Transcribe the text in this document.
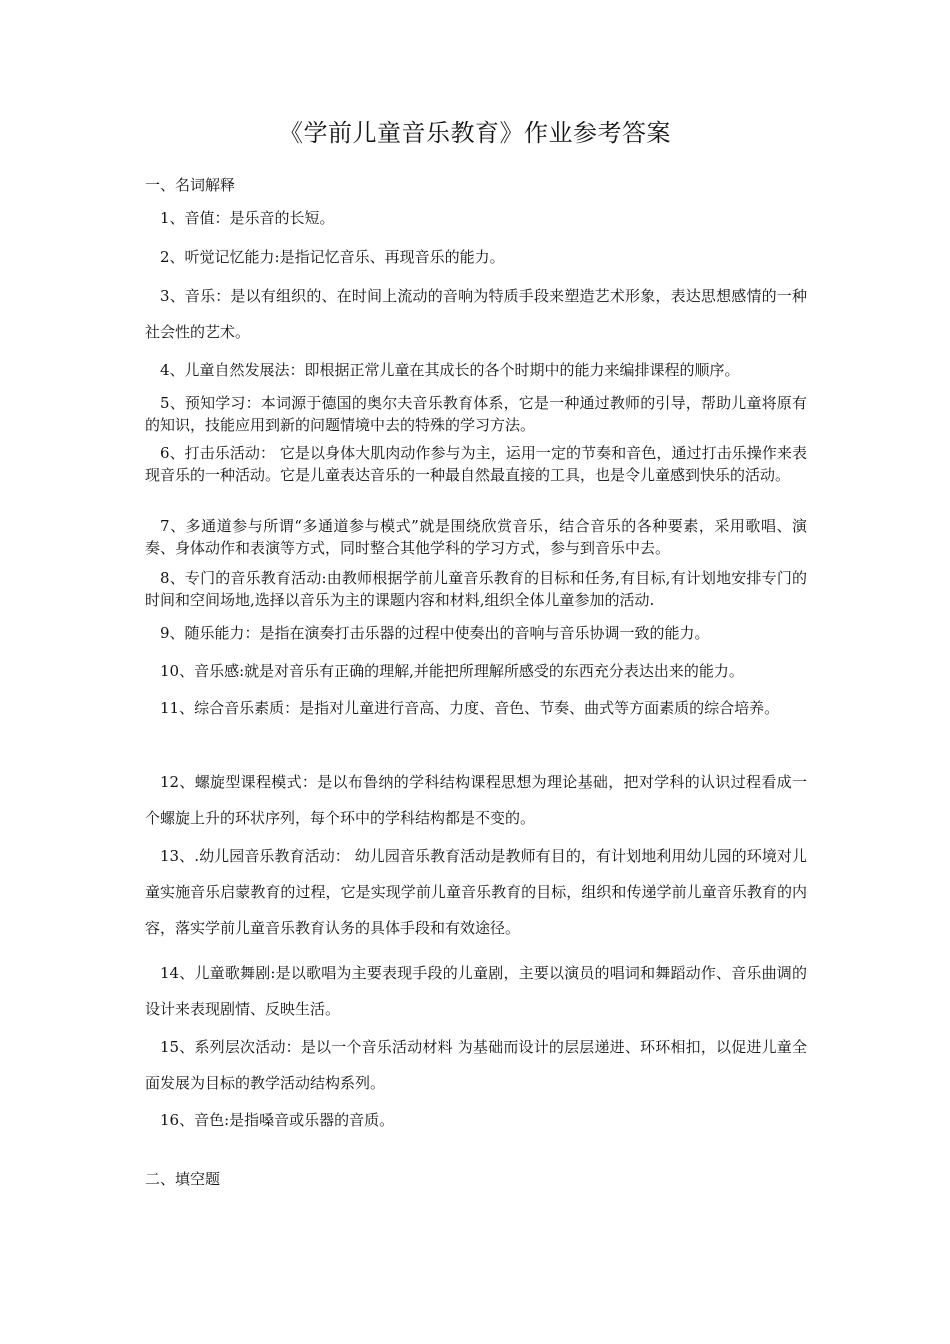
《学前儿童音乐教育》作业参考答案
一、名词解释
1、音值：是乐音的长短。
2、听觉记忆能力:是指记忆音乐、再现音乐的能力。
3、音乐：是以有组织的、在时间上流动的音响为特质手段来塑造艺术形象，表达思想感情的一种社会性的艺术。
4、儿童自然发展法：即根据正常儿童在其成长的各个时期中的能力来编排课程的顺序。
5、预知学习：本词源于德国的奥尔夫音乐教育体系，它是一种通过教师的引导，帮助儿童将原有的知识，技能应用到新的问题情境中去的特殊的学习方法。
6、打击乐活动： 它是以身体大肌肉动作参与为主，运用一定的节奏和音色，通过打击乐操作来表现音乐的一种活动。它是儿童表达音乐的一种最自然最直接的工具，也是令儿童感到快乐的活动。
7、多通道参与所谓“多通道参与模式”就是围绕欣赏音乐，结合音乐的各种要素，采用歌唱、演奏、身体动作和表演等方式，同时整合其他学科的学习方式，参与到音乐中去。
8、专门的音乐教育活动:由教师根据学前儿童音乐教育的目标和任务,有目标,有计划地安排专门的时间和空间场地,选择以音乐为主的课题内容和材料,组织全体儿童参加的活动.
9、随乐能力：是指在演奏打击乐器的过程中使奏出的音响与音乐协调一致的能力。
10、音乐感:就是对音乐有正确的理解,并能把所理解所感受的东西充分表达出来的能力。
11、综合音乐素质：是指对儿童进行音高、力度、音色、节奏、曲式等方面素质的综合培养。
12、螺旋型课程模式：是以布鲁纳的学科结构课程思想为理论基础，把对学科的认识过程看成一个螺旋上升的环状序列，每个环中的学科结构都是不变的。
13、.幼儿园音乐教育活动： 幼儿园音乐教育活动是教师有目的，有计划地利用幼儿园的环境对儿童实施音乐启蒙教育的过程，它是实现学前儿童音乐教育的目标，组织和传递学前儿童音乐教育的内容，落实学前儿童音乐教育认务的具体手段和有效途径。
14、儿童歌舞剧:是以歌唱为主要表现手段的儿童剧，主要以演员的唱词和舞蹈动作、音乐曲调的设计来表现剧情、反映生活。
15、系列层次活动：是以一个音乐活动材料 为基础而设计的层层递进、环环相扣，以促进儿童全面发展为目标的教学活动结构系列。
16、音色:是指嗓音或乐器的音质。
二、填空题
